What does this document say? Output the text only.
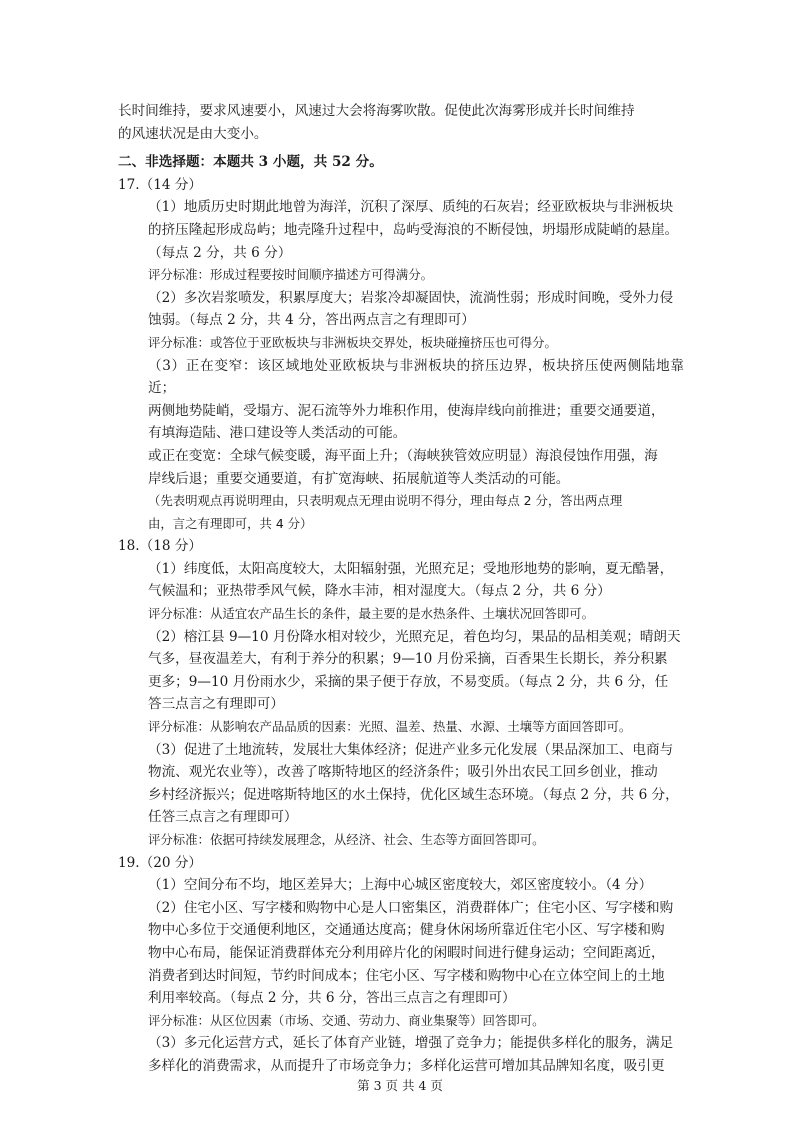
长时间维持，要求风速要小，风速过大会将海雾吹散。促使此次海雾形成并长时间维持

的风速状况是由大变小。

二、非选择题：本题共 3 小题，共 52 分。

17.（14 分）

（1）地质历史时期此地曾为海洋，沉积了深厚、质纯的石灰岩；经亚欧板块与非洲板块

的挤压隆起形成岛屿；地壳隆升过程中，岛屿受海浪的不断侵蚀，坍塌形成陡峭的悬崖。

（每点 2 分，共 6 分）

评分标准：形成过程要按时间顺序描述方可得满分。

（2）多次岩浆喷发，积累厚度大；岩浆冷却凝固快，流淌性弱；形成时间晚，受外力侵

蚀弱。（每点 2 分，共 4 分，答出两点言之有理即可）

评分标准：或答位于亚欧板块与非洲板块交界处，板块碰撞挤压也可得分。

（3）正在变窄：该区域地处亚欧板块与非洲板块的挤压边界，板块挤压使两侧陆地靠近；

两侧地势陡峭，受塌方、泥石流等外力堆积作用，使海岸线向前推进；重要交通要道，

有填海造陆、港口建设等人类活动的可能。

或正在变宽：全球气候变暖，海平面上升；（海峡狭管效应明显）海浪侵蚀作用强，海

岸线后退；重要交通要道，有扩宽海峡、拓展航道等人类活动的可能。

（先表明观点再说明理由，只表明观点无理由说明不得分，理由每点 2 分，答出两点理

由，言之有理即可，共 4 分）

18.（18 分）

（1）纬度低，太阳高度较大，太阳辐射强，光照充足；受地形地势的影响，夏无酷暑，

气候温和；亚热带季风气候，降水丰沛，相对湿度大。（每点 2 分，共 6 分）

评分标准：从适宜农产品生长的条件，最主要的是水热条件、土壤状况回答即可。

（2）榕江县 9—10 月份降水相对较少，光照充足，着色均匀，果品的品相美观；晴朗天

气多，昼夜温差大，有利于养分的积累；9—10 月份采摘，百香果生长期长，养分积累

更多；9—10 月份雨水少，采摘的果子便于存放，不易变质。（每点 2 分，共 6 分，任

答三点言之有理即可）

评分标准：从影响农产品品质的因素：光照、温差、热量、水源、土壤等方面回答即可。

（3）促进了土地流转，发展壮大集体经济；促进产业多元化发展（果品深加工、电商与

物流、观光农业等），改善了喀斯特地区的经济条件；吸引外出农民工回乡创业，推动

乡村经济振兴；促进喀斯特地区的水土保持，优化区域生态环境。（每点 2 分，共 6 分，

任答三点言之有理即可）

评分标准：依据可持续发展理念，从经济、社会、生态等方面回答即可。

19.（20 分）

（1）空间分布不均，地区差异大；上海中心城区密度较大，郊区密度较小。（4 分）

（2）住宅小区、写字楼和购物中心是人口密集区，消费群体广；住宅小区、写字楼和购

物中心多位于交通便利地区，交通通达度高；健身休闲场所靠近住宅小区、写字楼和购

物中心布局，能保证消费群体充分利用碎片化的闲暇时间进行健身运动；空间距离近，

消费者到达时间短，节约时间成本；住宅小区、写字楼和购物中心在立体空间上的土地

利用率较高。（每点 2 分，共 6 分，答出三点言之有理即可）

评分标准：从区位因素（市场、交通、劳动力、商业集聚等）回答即可。

（3）多元化运营方式，延长了体育产业链，增强了竞争力；能提供多样化的服务，满足

多样化的消费需求，从而提升了市场竞争力；多样化运营可增加其品牌知名度，吸引更

第 3 页 共 4 页
